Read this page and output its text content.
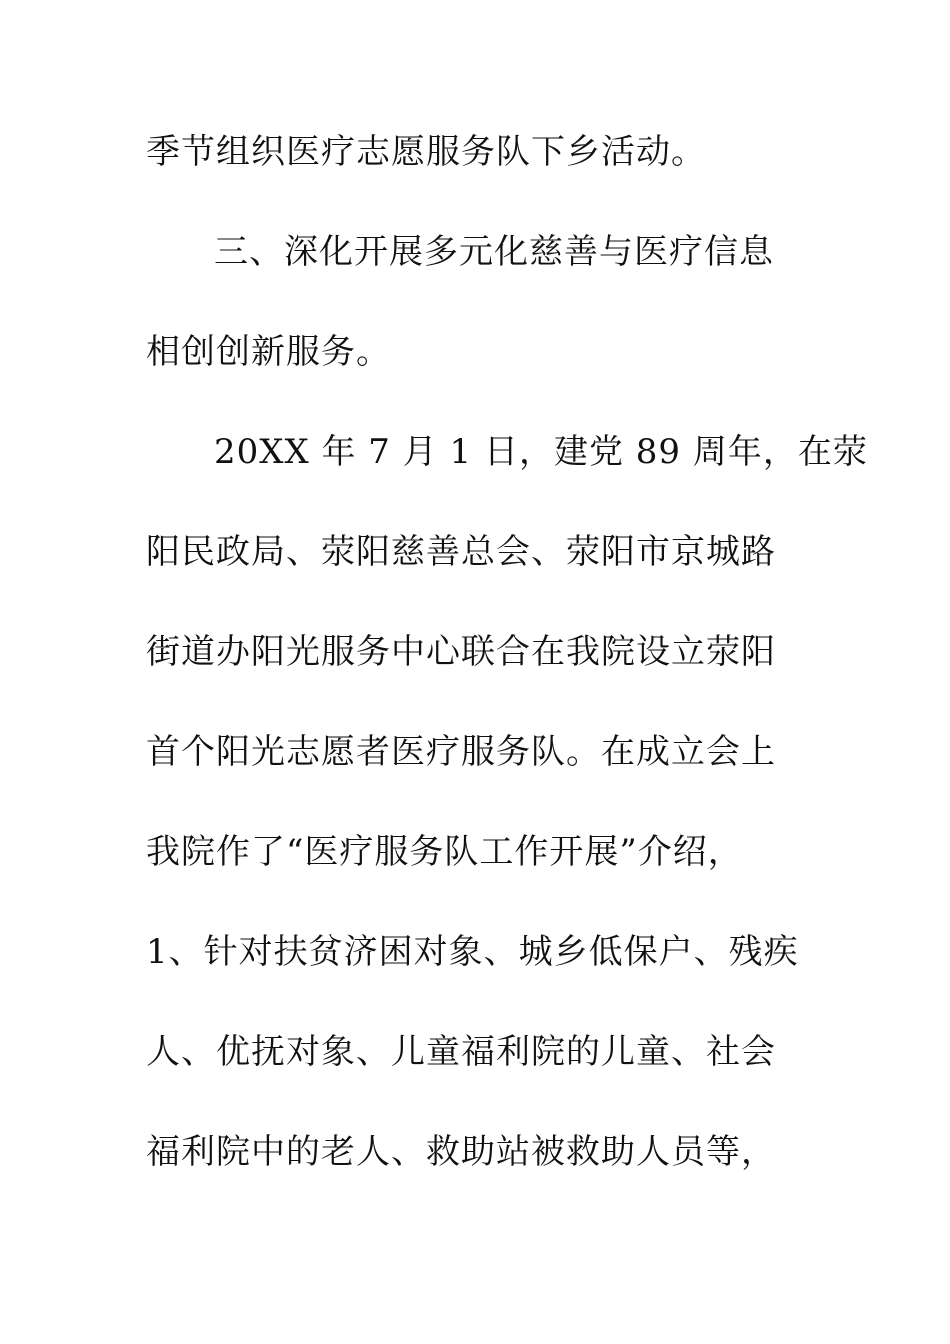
季节组织医疗志愿服务队下乡活动。
三、深化开展多元化慈善与医疗信息
相创创新服务。
20XX 年 7 月 1 日，建党 89 周年，在荥
阳民政局、荥阳慈善总会、荥阳市京城路
街道办阳光服务中心联合在我院设立荥阳
首个阳光志愿者医疗服务队。在成立会上
我院作了“医疗服务队工作开展”介绍，
1、针对扶贫济困对象、城乡低保户、残疾
人、优抚对象、儿童福利院的儿童、社会
福利院中的老人、救助站被救助人员等，
